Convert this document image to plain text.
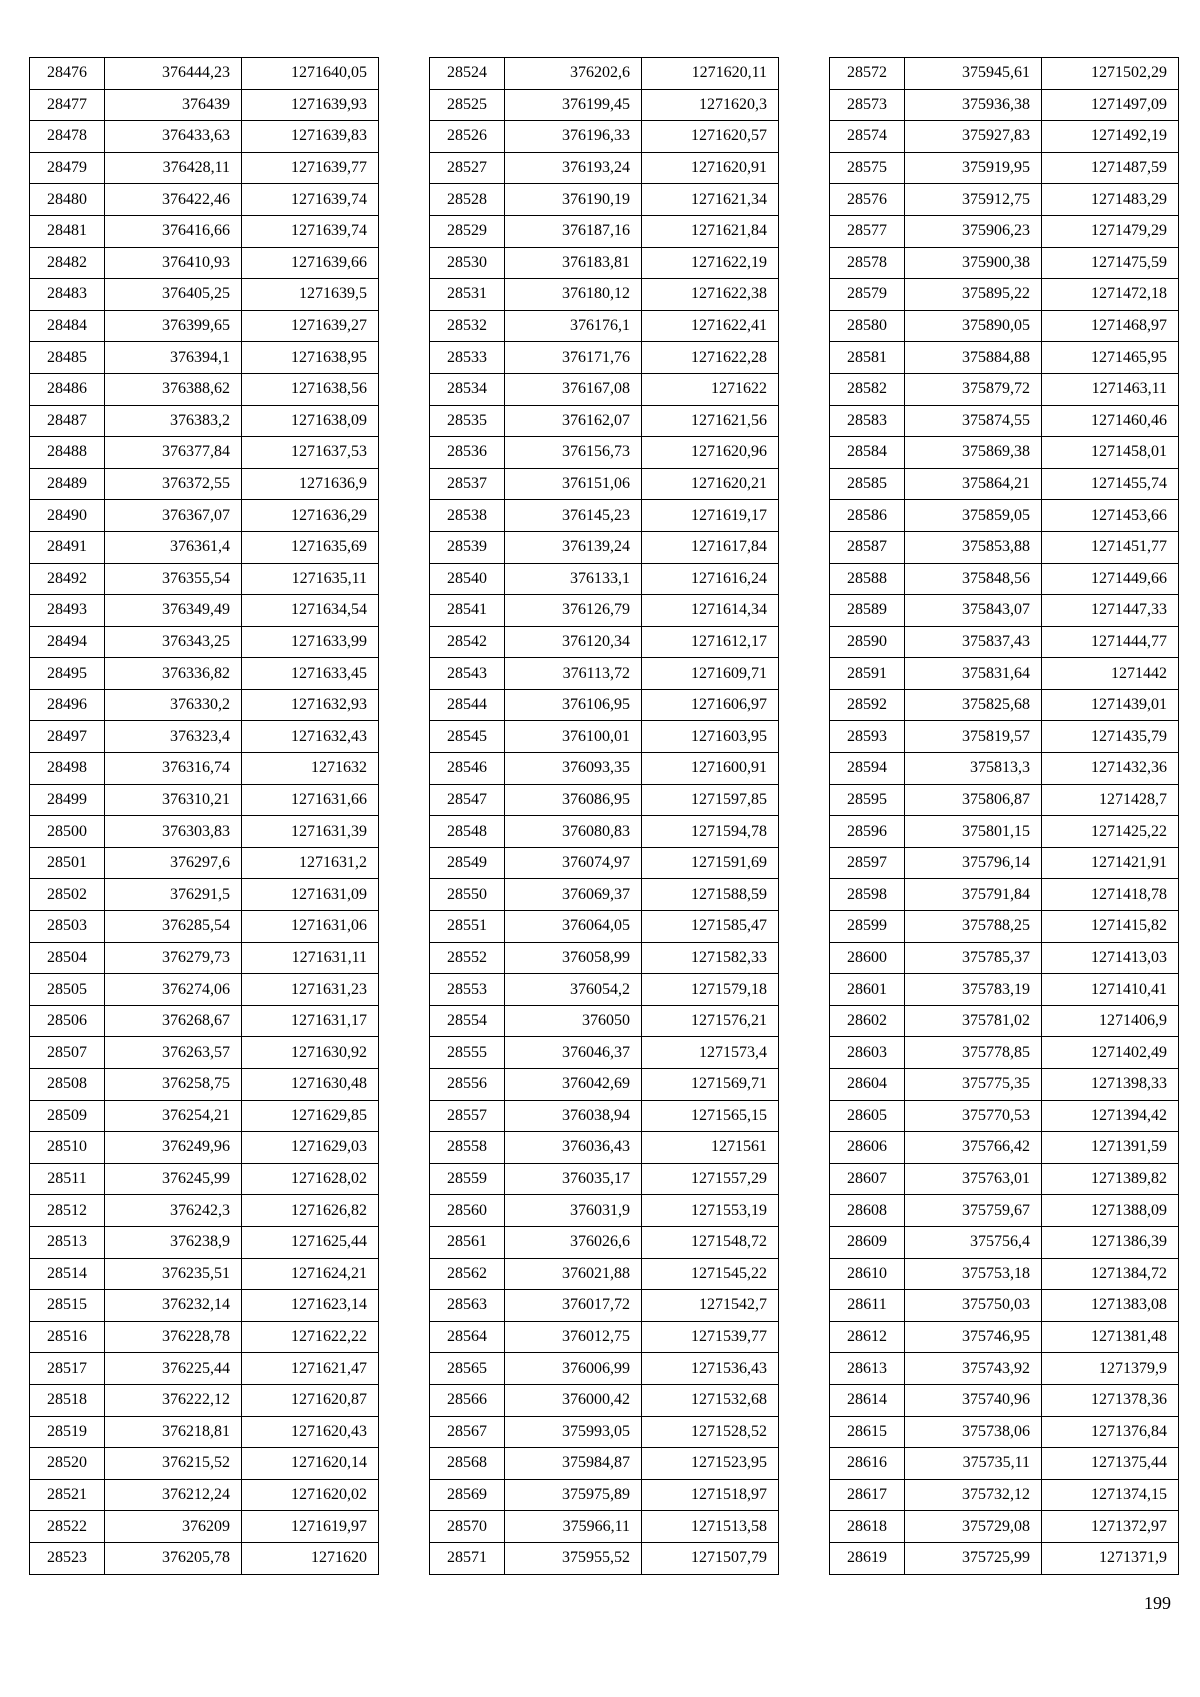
28476	376444,23	1271640,05
28477	376439	1271639,93
28478	376433,63	1271639,83
28479	376428,11	1271639,77
28480	376422,46	1271639,74
28481	376416,66	1271639,74
28482	376410,93	1271639,66
28483	376405,25	1271639,5
28484	376399,65	1271639,27
28485	376394,1	1271638,95
28486	376388,62	1271638,56
28487	376383,2	1271638,09
28488	376377,84	1271637,53
28489	376372,55	1271636,9
28490	376367,07	1271636,29
28491	376361,4	1271635,69
28492	376355,54	1271635,11
28493	376349,49	1271634,54
28494	376343,25	1271633,99
28495	376336,82	1271633,45
28496	376330,2	1271632,93
28497	376323,4	1271632,43
28498	376316,74	1271632
28499	376310,21	1271631,66
28500	376303,83	1271631,39
28501	376297,6	1271631,2
28502	376291,5	1271631,09
28503	376285,54	1271631,06
28504	376279,73	1271631,11
28505	376274,06	1271631,23
28506	376268,67	1271631,17
28507	376263,57	1271630,92
28508	376258,75	1271630,48
28509	376254,21	1271629,85
28510	376249,96	1271629,03
28511	376245,99	1271628,02
28512	376242,3	1271626,82
28513	376238,9	1271625,44
28514	376235,51	1271624,21
28515	376232,14	1271623,14
28516	376228,78	1271622,22
28517	376225,44	1271621,47
28518	376222,12	1271620,87
28519	376218,81	1271620,43
28520	376215,52	1271620,14
28521	376212,24	1271620,02
28522	376209	1271619,97
28523	376205,78	1271620
28524	376202,6	1271620,11
28525	376199,45	1271620,3
28526	376196,33	1271620,57
28527	376193,24	1271620,91
28528	376190,19	1271621,34
28529	376187,16	1271621,84
28530	376183,81	1271622,19
28531	376180,12	1271622,38
28532	376176,1	1271622,41
28533	376171,76	1271622,28
28534	376167,08	1271622
28535	376162,07	1271621,56
28536	376156,73	1271620,96
28537	376151,06	1271620,21
28538	376145,23	1271619,17
28539	376139,24	1271617,84
28540	376133,1	1271616,24
28541	376126,79	1271614,34
28542	376120,34	1271612,17
28543	376113,72	1271609,71
28544	376106,95	1271606,97
28545	376100,01	1271603,95
28546	376093,35	1271600,91
28547	376086,95	1271597,85
28548	376080,83	1271594,78
28549	376074,97	1271591,69
28550	376069,37	1271588,59
28551	376064,05	1271585,47
28552	376058,99	1271582,33
28553	376054,2	1271579,18
28554	376050	1271576,21
28555	376046,37	1271573,4
28556	376042,69	1271569,71
28557	376038,94	1271565,15
28558	376036,43	1271561
28559	376035,17	1271557,29
28560	376031,9	1271553,19
28561	376026,6	1271548,72
28562	376021,88	1271545,22
28563	376017,72	1271542,7
28564	376012,75	1271539,77
28565	376006,99	1271536,43
28566	376000,42	1271532,68
28567	375993,05	1271528,52
28568	375984,87	1271523,95
28569	375975,89	1271518,97
28570	375966,11	1271513,58
28571	375955,52	1271507,79
28572	375945,61	1271502,29
28573	375936,38	1271497,09
28574	375927,83	1271492,19
28575	375919,95	1271487,59
28576	375912,75	1271483,29
28577	375906,23	1271479,29
28578	375900,38	1271475,59
28579	375895,22	1271472,18
28580	375890,05	1271468,97
28581	375884,88	1271465,95
28582	375879,72	1271463,11
28583	375874,55	1271460,46
28584	375869,38	1271458,01
28585	375864,21	1271455,74
28586	375859,05	1271453,66
28587	375853,88	1271451,77
28588	375848,56	1271449,66
28589	375843,07	1271447,33
28590	375837,43	1271444,77
28591	375831,64	1271442
28592	375825,68	1271439,01
28593	375819,57	1271435,79
28594	375813,3	1271432,36
28595	375806,87	1271428,7
28596	375801,15	1271425,22
28597	375796,14	1271421,91
28598	375791,84	1271418,78
28599	375788,25	1271415,82
28600	375785,37	1271413,03
28601	375783,19	1271410,41
28602	375781,02	1271406,9
28603	375778,85	1271402,49
28604	375775,35	1271398,33
28605	375770,53	1271394,42
28606	375766,42	1271391,59
28607	375763,01	1271389,82
28608	375759,67	1271388,09
28609	375756,4	1271386,39
28610	375753,18	1271384,72
28611	375750,03	1271383,08
28612	375746,95	1271381,48
28613	375743,92	1271379,9
28614	375740,96	1271378,36
28615	375738,06	1271376,84
28616	375735,11	1271375,44
28617	375732,12	1271374,15
28618	375729,08	1271372,97
28619	375725,99	1271371,9
199
